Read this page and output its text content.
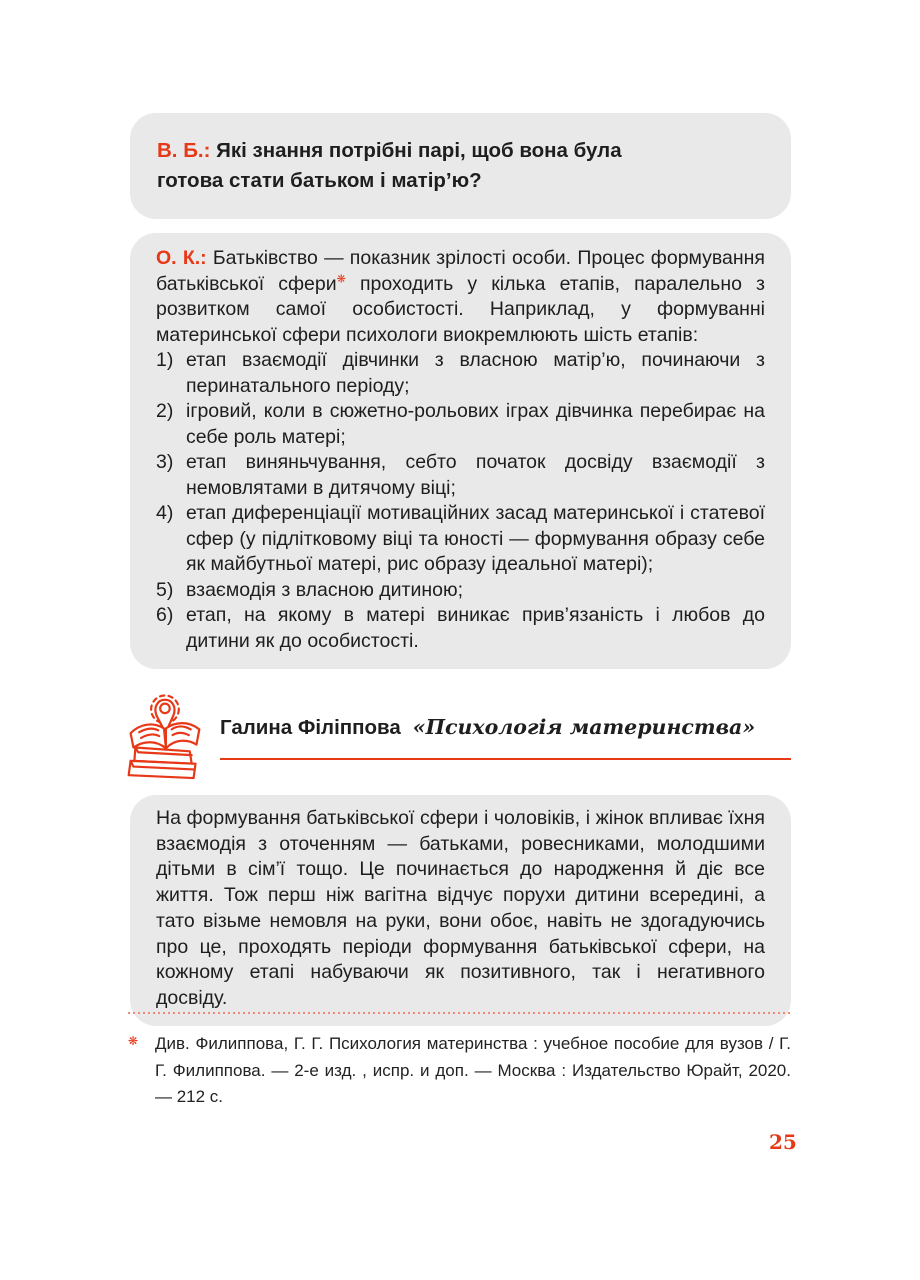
В. Б.: Які знання потрібні парі, щоб вона була готова стати батьком і матір’ю?

О. К.: Батьківство — показник зрілості особи. Процес формування батьківської сфери❋ проходить у кілька етапів, паралельно з розвитком самої особистості. Наприклад, у формуванні материнської сфери психологи виокремлюють шість етапів:

1) етап взаємодії дівчинки з власною матір’ю, починаючи з перинатального періоду;
2) ігровий, коли в сюжетно-рольових іграх дівчинка перебирає на себе роль матері;
3) етап виняньчування, себто початок досвіду взаємодії з немовлятами в дитячому віці;
4) етап диференціації мотиваційних засад материнської і статевої сфер (у підлітковому віці та юності — формування образу себе як майбутньої матері, рис образу ідеальної матері);
5) взаємодія з власною дитиною;
6) етап, на якому в матері виникає прив’язаність і любов до дитини як до особистості.
Галина Філіппова «Психологія материнства»

На формування батьківської сфери і чоловіків, і жінок впливає їхня взаємодія з оточенням — батьками, ровесниками, молодшими дітьми в сім’ї тощо. Це починається до народження й діє все життя. Тож перш ніж вагітна відчує порухи дитини всередині, а тато візьме немовля на руки, вони обоє, навіть не здогадуючись про це, проходять періоди формування батьківської сфери, на кожному етапі набуваючи як позитивного, так і негативного досвіду.

❋ Див. Филиппова, Г. Г. Психология материнства : учебное пособие для вузов / Г. Г. Филиппова. — 2-е изд. , испр. и доп. — Москва : Издательство Юрайт, 2020. — 212 с.
25
